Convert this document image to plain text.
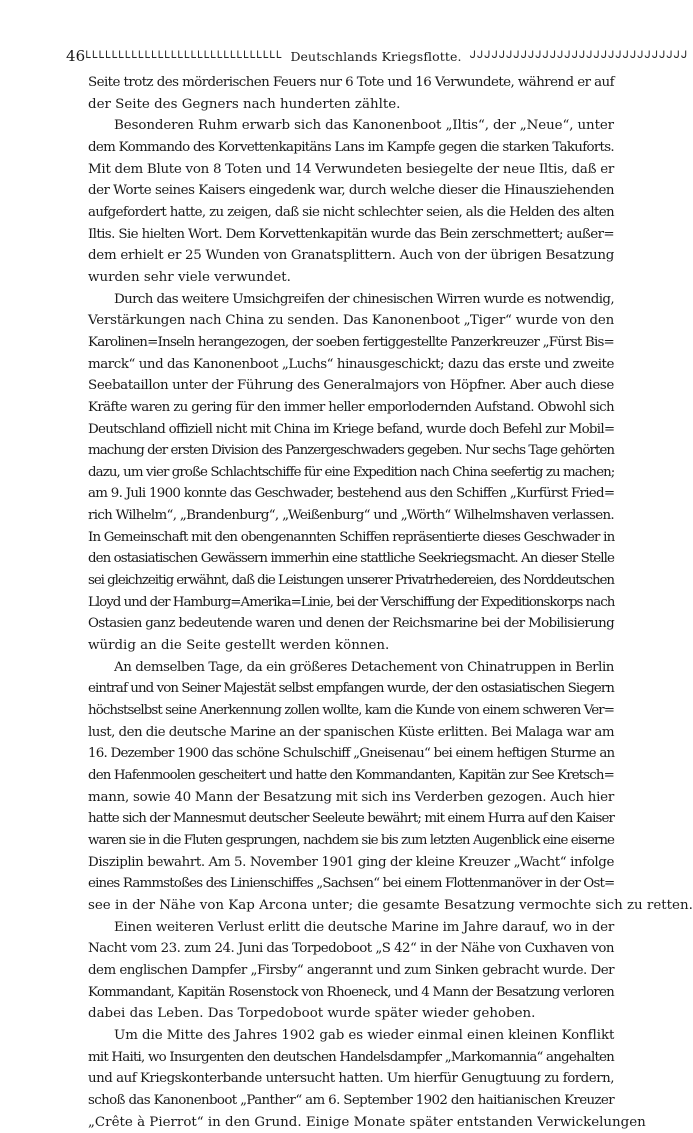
46 ᒪᒪᒪᒪᒪᒪᒪᒪᒪᒪᒪᒪᒪᒪᒪᒪᒪᒪᒪᒪᒪᒪᒪᒪᒪᒪᒪᒪᒪᒪ Deutschlands Kriegsflotte. ᒍᒍᒍᒍᒍᒍᒍᒍᒍᒍᒍᒍᒍᒍᒍᒍᒍᒍᒍᒍᒍᒍᒍᒍᒍᒍᒍᒍᒍᒍ

Seite trotz des mörderischen Feuers nur 6 Tote und 16 Verwundete, während er auf
der Seite des Gegners nach hunderten zählte.

Besonderen Ruhm erwarb sich das Kanonenboot „Iltis“, der „Neue“, unter
dem Kommando des Korvettenkapitäns Lans im Kampfe gegen die starken Takuforts.
Mit dem Blute von 8 Toten und 14 Verwundeten besiegelte der neue Iltis, daß er
der Worte seines Kaisers eingedenk war, durch welche dieser die Hinausziehenden
aufgefordert hatte, zu zeigen, daß sie nicht schlechter seien, als die Helden des alten
Iltis. Sie hielten Wort. Dem Korvettenkapitän wurde das Bein zerschmettert; außer=
dem erhielt er 25 Wunden von Granatsplittern. Auch von der übrigen Besatzung
wurden sehr viele verwundet.

Durch das weitere Umsichgreifen der chinesischen Wirren wurde es notwendig,
Verstärkungen nach China zu senden. Das Kanonenboot „Tiger“ wurde von den
Karolinen=Inseln herangezogen, der soeben fertiggestellte Panzerkreuzer „Fürst Bis=
marck“ und das Kanonenboot „Luchs“ hinausgeschickt; dazu das erste und zweite
Seebataillon unter der Führung des Generalmajors von Höpfner. Aber auch diese
Kräfte waren zu gering für den immer heller emporlodernden Aufstand. Obwohl sich
Deutschland offiziell nicht mit China im Kriege befand, wurde doch Befehl zur Mobil=
machung der ersten Division des Panzergeschwaders gegeben. Nur sechs Tage gehörten
dazu, um vier große Schlachtschiffe für eine Expedition nach China seefertig zu machen;
am 9. Juli 1900 konnte das Geschwader, bestehend aus den Schiffen „Kurfürst Fried=
rich Wilhelm“, „Brandenburg“, „Weißenburg“ und „Wörth“ Wilhelmshaven verlassen.
In Gemeinschaft mit den obengenannten Schiffen repräsentierte dieses Geschwader in
den ostasiatischen Gewässern immerhin eine stattliche Seekriegsmacht. An dieser Stelle
sei gleichzeitig erwähnt, daß die Leistungen unserer Privatrhedereien, des Norddeutschen
Lloyd und der Hamburg=Amerika=Linie, bei der Verschiffung der Expeditionskorps nach
Ostasien ganz bedeutende waren und denen der Reichsmarine bei der Mobilisierung
würdig an die Seite gestellt werden können.

An demselben Tage, da ein größeres Detachement von Chinatruppen in Berlin
eintraf und von Seiner Majestät selbst empfangen wurde, der den ostasiatischen Siegern
höchstselbst seine Anerkennung zollen wollte, kam die Kunde von einem schweren Ver=
lust, den die deutsche Marine an der spanischen Küste erlitten. Bei Malaga war am
16. Dezember 1900 das schöne Schulschiff „Gneisenau“ bei einem heftigen Sturme an
den Hafenmoolen gescheitert und hatte den Kommandanten, Kapitän zur See Kretsch=
mann, sowie 40 Mann der Besatzung mit sich ins Verderben gezogen. Auch hier
hatte sich der Mannesmut deutscher Seeleute bewährt; mit einem Hurra auf den Kaiser
waren sie in die Fluten gesprungen, nachdem sie bis zum letzten Augenblick eine eiserne
Disziplin bewahrt. Am 5. November 1901 ging der kleine Kreuzer „Wacht“ infolge
eines Rammstoßes des Linienschiffes „Sachsen“ bei einem Flottenmanöver in der Ost=
see in der Nähe von Kap Arcona unter; die gesamte Besatzung vermochte sich zu retten.

Einen weiteren Verlust erlitt die deutsche Marine im Jahre darauf, wo in der
Nacht vom 23. zum 24. Juni das Torpedoboot „S 42“ in der Nähe von Cuxhaven von
dem englischen Dampfer „Firsby“ angerannt und zum Sinken gebracht wurde. Der
Kommandant, Kapitän Rosenstock von Rhoeneck, und 4 Mann der Besatzung verloren
dabei das Leben. Das Torpedoboot wurde später wieder gehoben.

Um die Mitte des Jahres 1902 gab es wieder einmal einen kleinen Konflikt
mit Haiti, wo Insurgenten den deutschen Handelsdampfer „Markomannia“ angehalten
und auf Kriegskonterbande untersucht hatten. Um hierfür Genugtuung zu fordern,
schoß das Kanonenboot „Panther“ am 6. September 1902 den haitianischen Kreuzer
„Crête à Pierrot“ in den Grund. Einige Monate später entstanden Verwickelungen
